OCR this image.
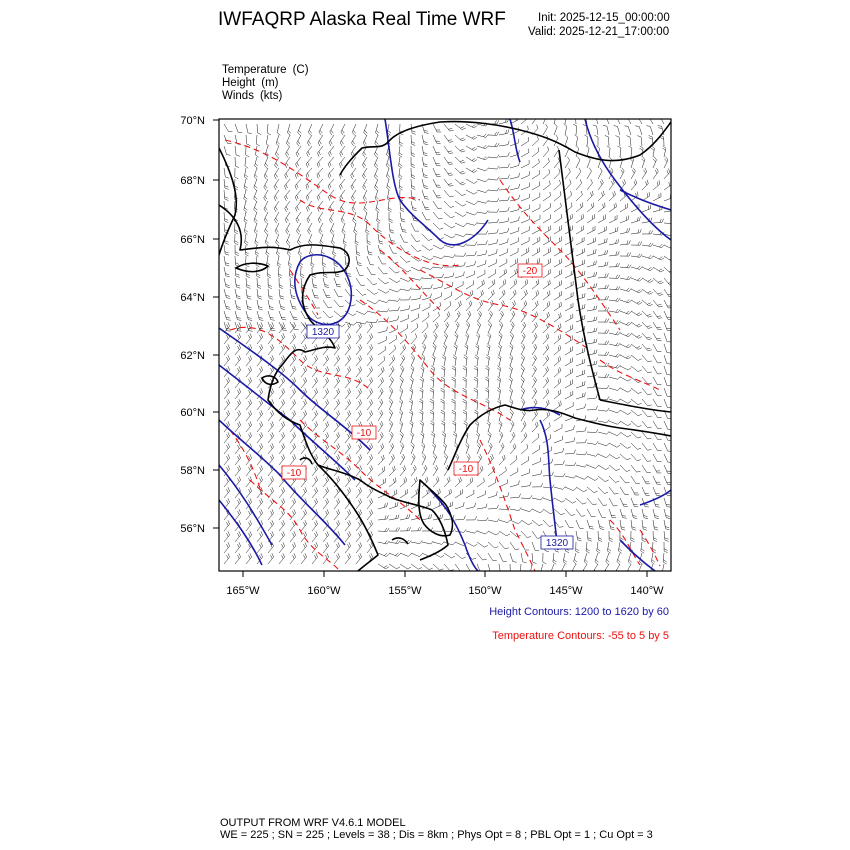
IWFAQRP Alaska Real Time WRF	Init: 2025-12-15_00:00:00
Valid: 2025-12-21_17:00:00
Temperature (C)
Height (m)
Winds (kts)
1320
1320
-20
-10
-10	-10
70°N
68°N
66°N
64°N
62°N
60°N
58°N
56°N
165°W	160°W	155°W	150°W	145°W	140°W
Height Contours: 1200 to 1620 by 60
Temperature Contours: -55 to 5 by 5
OUTPUT FROM WRF V4.6.1 MODEL
WE = 225 ; SN = 225 ; Levels = 38 ; Dis = 8km ; Phys Opt = 8 ; PBL Opt = 1 ; Cu Opt = 3
